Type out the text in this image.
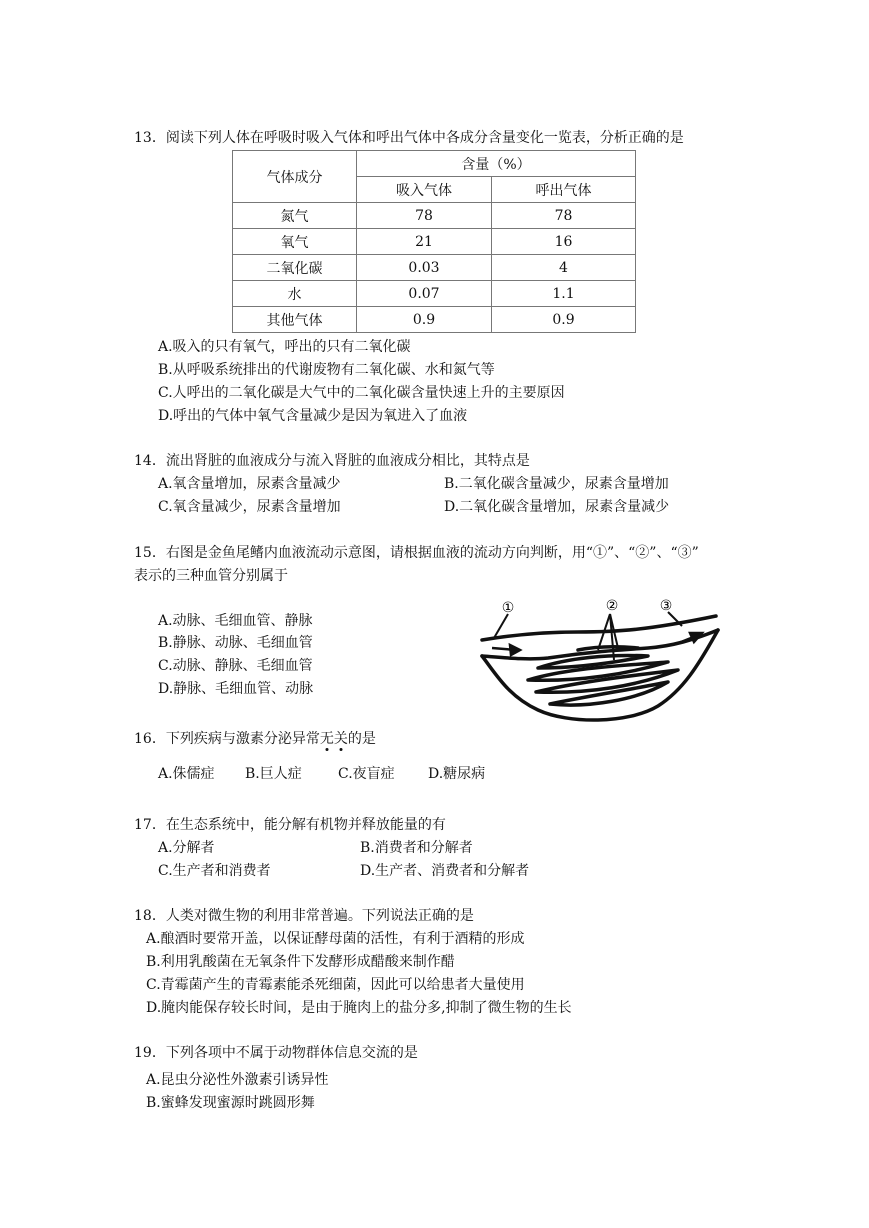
13．阅读下列人体在呼吸时吸入气体和呼出气体中各成分含量变化一览表，分析正确的是
气体成分	含量（%）	
	吸入气体	呼出气体
氮气	78	78
氧气	21	16
二氧化碳	0.03	4
水	0.07	1.1
其他气体	0.9	0.9
A.吸入的只有氧气，呼出的只有二氧化碳
B.从呼吸系统排出的代谢废物有二氧化碳、水和氮气等
C.人呼出的二氧化碳是大气中的二氧化碳含量快速上升的主要原因
D.呼出的气体中氧气含量减少是因为氧进入了血液
14．流出肾脏的血液成分与流入肾脏的血液成分相比，其特点是
A.氧含量增加，尿素含量减少	B.二氧化碳含量减少，尿素含量增加
C.氧含量减少，尿素含量增加	D.二氧化碳含量增加，尿素含量减少
15．右图是金鱼尾鳍内血液流动示意图，请根据血液的流动方向判断，用“①”、“②”、“③”
表示的三种血管分别属于
A.动脉、毛细血管、静脉
B.静脉、动脉、毛细血管
C.动脉、静脉、毛细血管
D.静脉、毛细血管、动脉
①	②	③
16．下列疾病与激素分泌异常无关的是
A.侏儒症 B.巨人症	C.夜盲症 D.糖尿病
17．在生态系统中，能分解有机物并释放能量的有
A.分解者	B.消费者和分解者
C.生产者和消费者	D.生产者、消费者和分解者
18．人类对微生物的利用非常普遍。下列说法正确的是
A.酿酒时要常开盖，以保证酵母菌的活性，有利于酒精的形成
B.利用乳酸菌在无氧条件下发酵形成醋酸来制作醋
C.青霉菌产生的青霉素能杀死细菌，因此可以给患者大量使用
D.腌肉能保存较长时间，是由于腌肉上的盐分多,抑制了微生物的生长
19．下列各项中不属于动物群体信息交流的是
A.昆虫分泌性外激素引诱异性
B.蜜蜂发现蜜源时跳圆形舞
